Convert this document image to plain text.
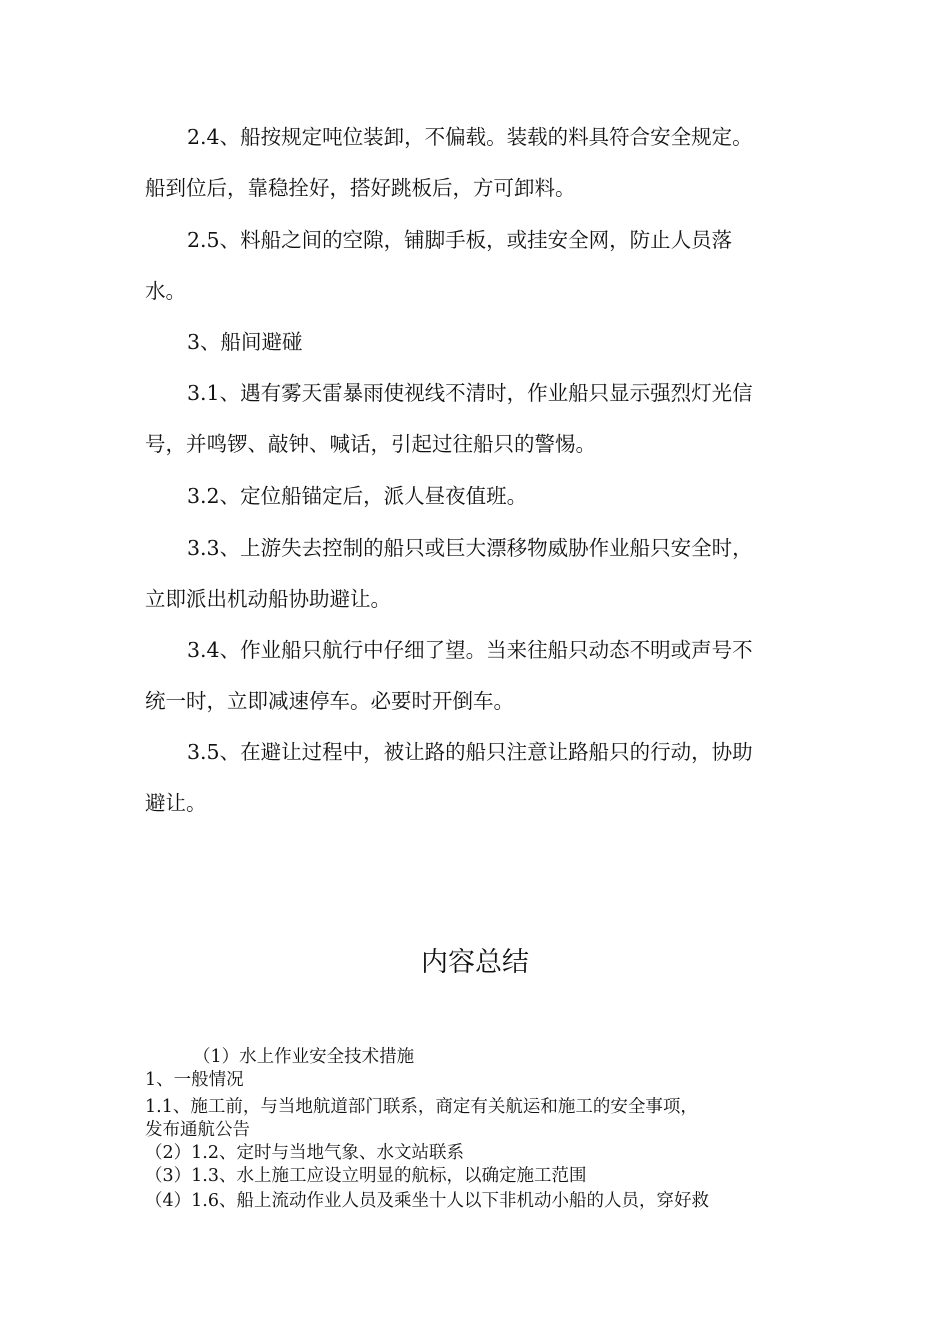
2.4、船按规定吨位装卸，不偏载。装载的料具符合安全规定。
船到位后，靠稳拴好，搭好跳板后，方可卸料。

2.5、料船之间的空隙，铺脚手板，或挂安全网，防止人员落
水。

3、船间避碰

3.1、遇有雾天雷暴雨使视线不清时，作业船只显示强烈灯光信
号，并鸣锣、敲钟、喊话，引起过往船只的警惕。

3.2、定位船锚定后，派人昼夜值班。

3.3、上游失去控制的船只或巨大漂移物威胁作业船只安全时，
立即派出机动船协助避让。

3.4、作业船只航行中仔细了望。当来往船只动态不明或声号不
统一时，立即减速停车。必要时开倒车。

3.5、在避让过程中，被让路的船只注意让路船只的行动，协助
避让。

内容总结

（1）水上作业安全技术措施

1、一般情况

1.1、施工前，与当地航道部门联系，商定有关航运和施工的安全事项，

发布通航公告

（2）1.2、定时与当地气象、水文站联系

（3）1.3、水上施工应设立明显的航标，以确定施工范围

（4）1.6、船上流动作业人员及乘坐十人以下非机动小船的人员，穿好救
